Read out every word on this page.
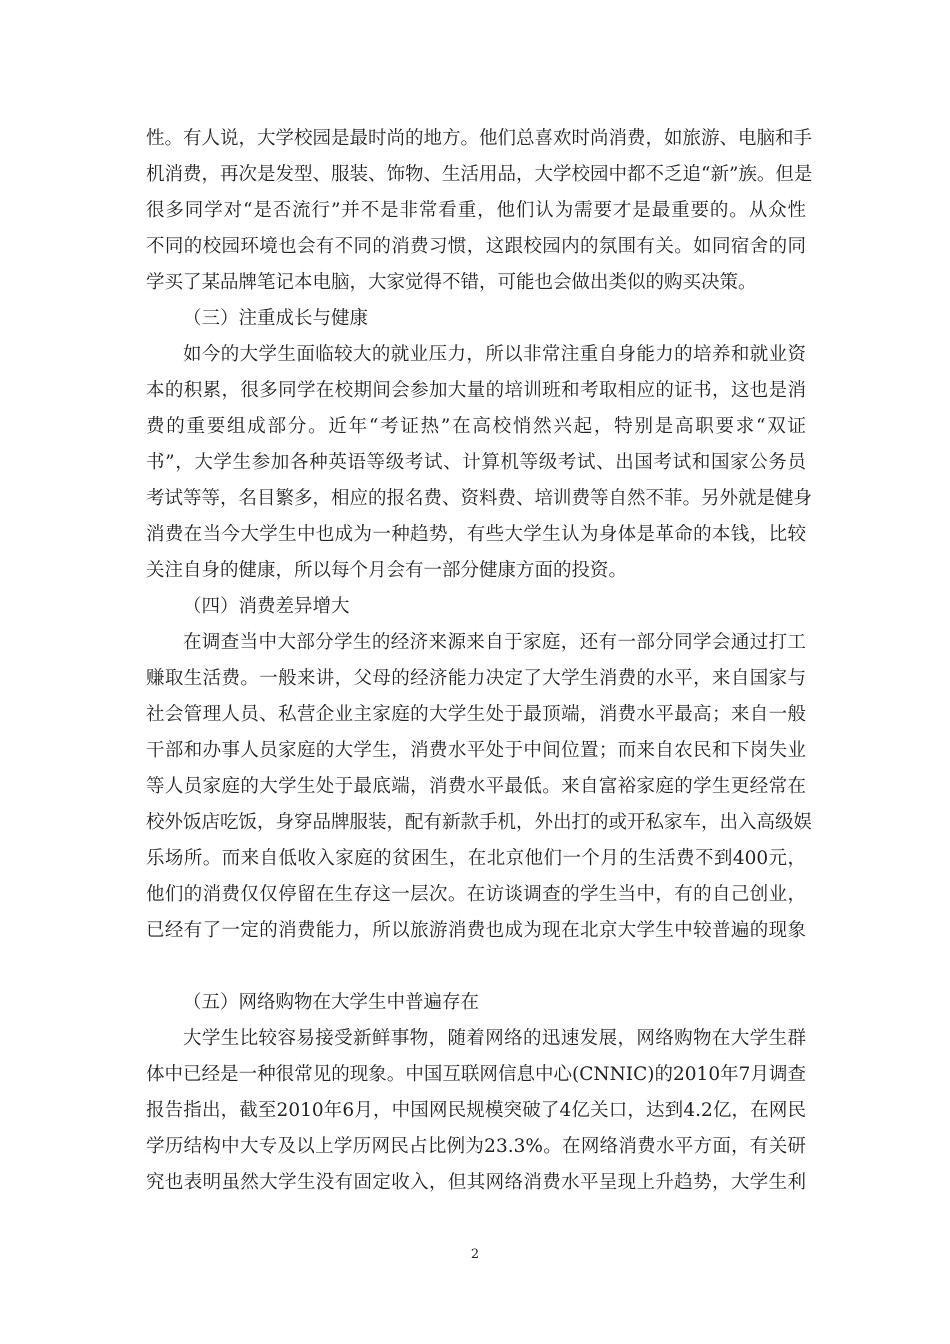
性。有人说，大学校园是最时尚的地方。他们总喜欢时尚消费，如旅游、电脑和手
机消费，再次是发型、服装、饰物、生活用品，大学校园中都不乏追“新”族。但是
很多同学对“是否流行”并不是非常看重，他们认为需要才是最重要的。从众性
不同的校园环境也会有不同的消费习惯，这跟校园内的氛围有关。如同宿舍的同
学买了某品牌笔记本电脑，大家觉得不错，可能也会做出类似的购买决策。
（三）注重成长与健康
如今的大学生面临较大的就业压力，所以非常注重自身能力的培养和就业资
本的积累，很多同学在校期间会参加大量的培训班和考取相应的证书，这也是消
费的重要组成部分。近年“考证热”在高校悄然兴起，特别是高职要求“双证
书”，大学生参加各种英语等级考试、计算机等级考试、出国考试和国家公务员
考试等等，名目繁多，相应的报名费、资料费、培训费等自然不菲。另外就是健身
消费在当今大学生中也成为一种趋势，有些大学生认为身体是革命的本钱，比较
关注自身的健康，所以每个月会有一部分健康方面的投资。
（四）消费差异增大
在调查当中大部分学生的经济来源来自于家庭，还有一部分同学会通过打工
赚取生活费。一般来讲，父母的经济能力决定了大学生消费的水平，来自国家与
社会管理人员、私营企业主家庭的大学生处于最顶端，消费水平最高；来自一般
干部和办事人员家庭的大学生，消费水平处于中间位置；而来自农民和下岗失业
等人员家庭的大学生处于最底端，消费水平最低。来自富裕家庭的学生更经常在
校外饭店吃饭，身穿品牌服装，配有新款手机，外出打的或开私家车，出入高级娱
乐场所。而来自低收入家庭的贫困生，在北京他们一个月的生活费不到400元，
他们的消费仅仅停留在生存这一层次。在访谈调查的学生当中，有的自己创业，
已经有了一定的消费能力，所以旅游消费也成为现在北京大学生中较普遍的现象
（五）网络购物在大学生中普遍存在
大学生比较容易接受新鲜事物，随着网络的迅速发展，网络购物在大学生群
体中已经是一种很常见的现象。中国互联网信息中心(CNNIC)的2010年7月调查
报告指出，截至2010年6月，中国网民规模突破了4亿关口，达到4.2亿，在网民
学历结构中大专及以上学历网民占比例为23.3%。在网络消费水平方面，有关研
究也表明虽然大学生没有固定收入，但其网络消费水平呈现上升趋势，大学生利
2
